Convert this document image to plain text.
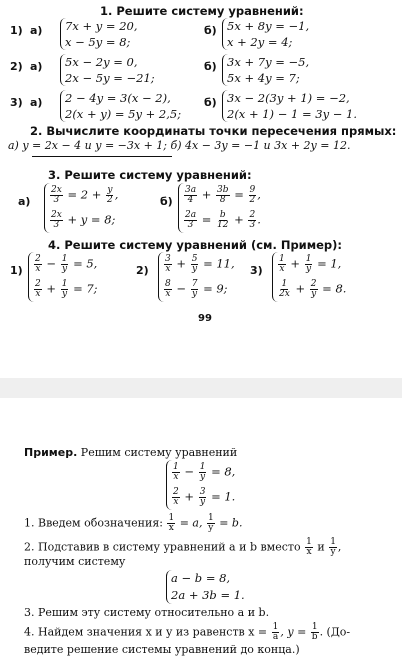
1. Решите систему уравнений:
1) а) 7x + y = 20,
x − 5y = 8;
б) 5x + 8y = −1,
x + 2y = 4;
2) а) 5x − 2y = 0,
2x − 5y = −21;
б) 3x + 7y = −5,
5x + 4y = 7;
3) а) 2 − 4y = 3(x − 2),
2(x + y) = 5y + 2,5;
б) 3x − 2(3y + 1) = −2,
2(x + 1) − 1 = 3y − 1.
2. Вычислите координаты точки пересечения прямых:
а) y = 2x − 4 и y = −3x + 1; б) 4x − 3y = −1 и 3x + 2y = 12.
3. Решите систему уравнений:
$а) \frac{2x}{3} = 2 + \frac{y}{2}$ ,
$\frac{2x}{3} + y = 8$;
$б) \frac{3a}{4} + \frac{3b}{8} = \frac{9}{2}$ ,
$\frac{2a}{3} = \frac{b}{12} + \frac{2}{3}$ .
4. Решите систему уравнений (см. Пример):
$1) \frac{2}{x} - \frac{1}{y} = 5$,
$\frac{2}{x} + \frac{1}{y} = 7$;
$2) \frac{3}{x} + \frac{5}{y} = 11$,
$\frac{8}{x} - \frac{7}{y} = 9$;
$3) \frac{1}{x} + \frac{1}{y} = 1$,
$\frac{1}{2x} + \frac{2}{y} = 8$.
99
Пример. Решим систему уравнений
$\frac{1}{x} - \frac{1}{y} = 8$,
$\frac{2}{x} + \frac{3}{y} = 1$.
1. Введем обозначения: $\frac{1}{x} = a$, $\frac{1}{y} = b$.
2. Подставив в систему уравнений a и b вместо $\frac{1}{x}$ и $\frac{1}{y}$ ,
получим систему
a − b = 8,
2a + 3b = 1.
3. Решим эту систему относительно a и b.
4. Найдем значения x и y из равенств $x = \frac{1}{a}$ , $y = \frac{1}{b}$ . (До-
ведите решение системы уравнений до конца.)
